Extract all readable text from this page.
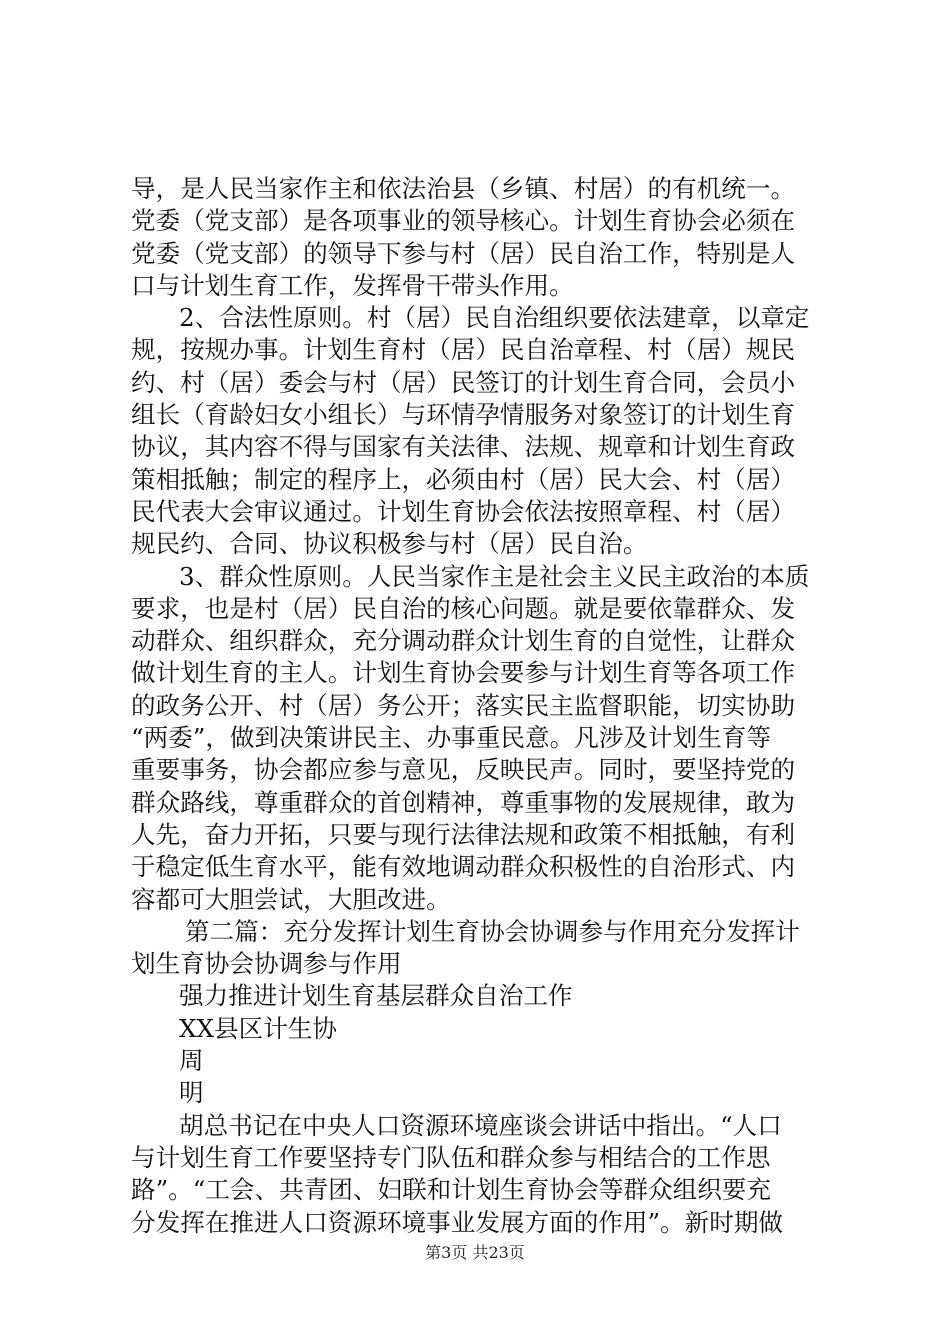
导，是人民当家作主和依法治县（乡镇、村居）的有机统一。
党委（党支部）是各项事业的领导核心。计划生育协会必须在
党委（党支部）的领导下参与村（居）民自治工作，特别是人
口与计划生育工作，发挥骨干带头作用。
2、合法性原则。村（居）民自治组织要依法建章，以章定
规，按规办事。计划生育村（居）民自治章程、村（居）规民
约、村（居）委会与村（居）民签订的计划生育合同，会员小
组长（育龄妇女小组长）与环情孕情服务对象签订的计划生育
协议，其内容不得与国家有关法律、法规、规章和计划生育政
策相抵触；制定的程序上，必须由村（居）民大会、村（居）
民代表大会审议通过。计划生育协会依法按照章程、村（居）
规民约、合同、协议积极参与村（居）民自治。
3、群众性原则。人民当家作主是社会主义民主政治的本质
要求，也是村（居）民自治的核心问题。就是要依靠群众、发
动群众、组织群众，充分调动群众计划生育的自觉性，让群众
做计划生育的主人。计划生育协会要参与计划生育等各项工作
的政务公开、村（居）务公开；落实民主监督职能，切实协助
“两委”，做到决策讲民主、办事重民意。凡涉及计划生育等
重要事务，协会都应参与意见，反映民声。同时，要坚持党的
群众路线，尊重群众的首创精神，尊重事物的发展规律，敢为
人先，奋力开拓，只要与现行法律法规和政策不相抵触，有利
于稳定低生育水平，能有效地调动群众积极性的自治形式、内
容都可大胆尝试，大胆改进。
第二篇：充分发挥计划生育协会协调参与作用充分发挥计
划生育协会协调参与作用
强力推进计划生育基层群众自治工作
XX县区计生协
周
明
胡总书记在中央人口资源环境座谈会讲话中指出。“人口
与计划生育工作要坚持专门队伍和群众参与相结合的工作思
路”。“工会、共青团、妇联和计划生育协会等群众组织要充
分发挥在推进人口资源环境事业发展方面的作用”。新时期做
第3页 共23页
